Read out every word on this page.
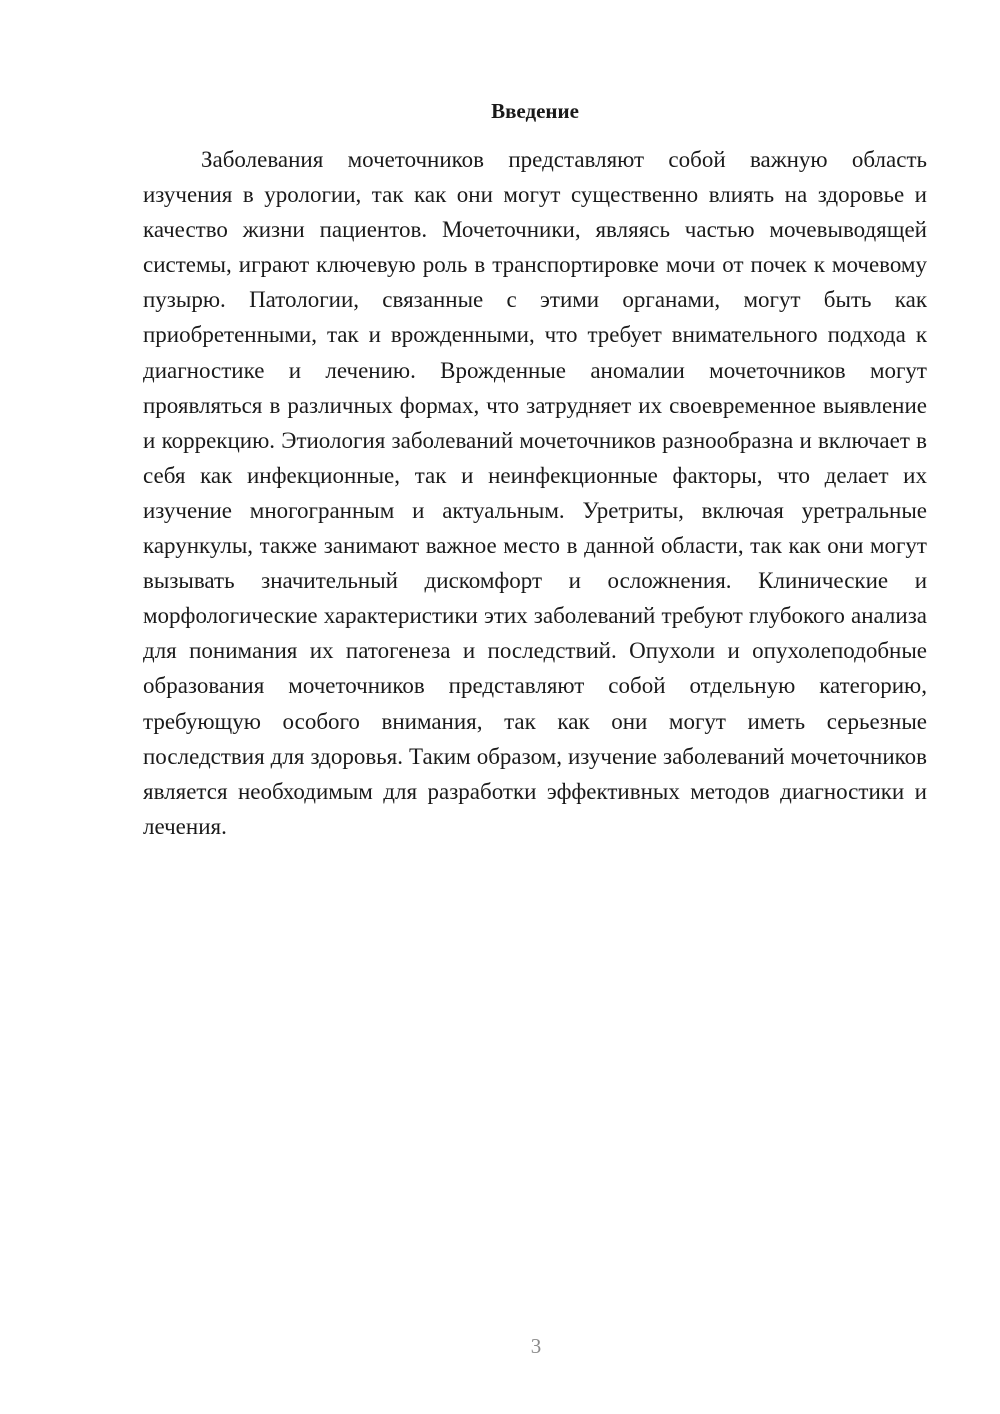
Введение

Заболевания мочеточников представляют собой важную область изучения в урологии, так как они могут существенно влиять на здоровье и качество жизни пациентов. Мочеточники, являясь частью мочевыводящей системы, играют ключевую роль в транспортировке мочи от почек к мочевому пузырю. Патологии, связанные с этими органами, могут быть как приобретенными, так и врожденными, что требует внимательного подхода к диагностике и лечению. Врожденные аномалии мочеточников могут проявляться в различных формах, что затрудняет их своевременное выявление и коррекцию. Этиология заболеваний мочеточников разнообразна и включает в себя как инфекционные, так и неинфекционные факторы, что делает их изучение многогранным и актуальным. Уретриты, включая уретральные карункулы, также занимают важное место в данной области, так как они могут вызывать значительный дискомфорт и осложнения. Клинические и морфологические характеристики этих заболеваний требуют глубокого анализа для понимания их патогенеза и последствий. Опухоли и опухолеподобные образования мочеточников представляют собой отдельную категорию, требующую особого внимания, так как они могут иметь серьезные последствия для здоровья. Таким образом, изучение заболеваний мочеточников является необходимым для разработки эффективных методов диагностики и лечения.

3
